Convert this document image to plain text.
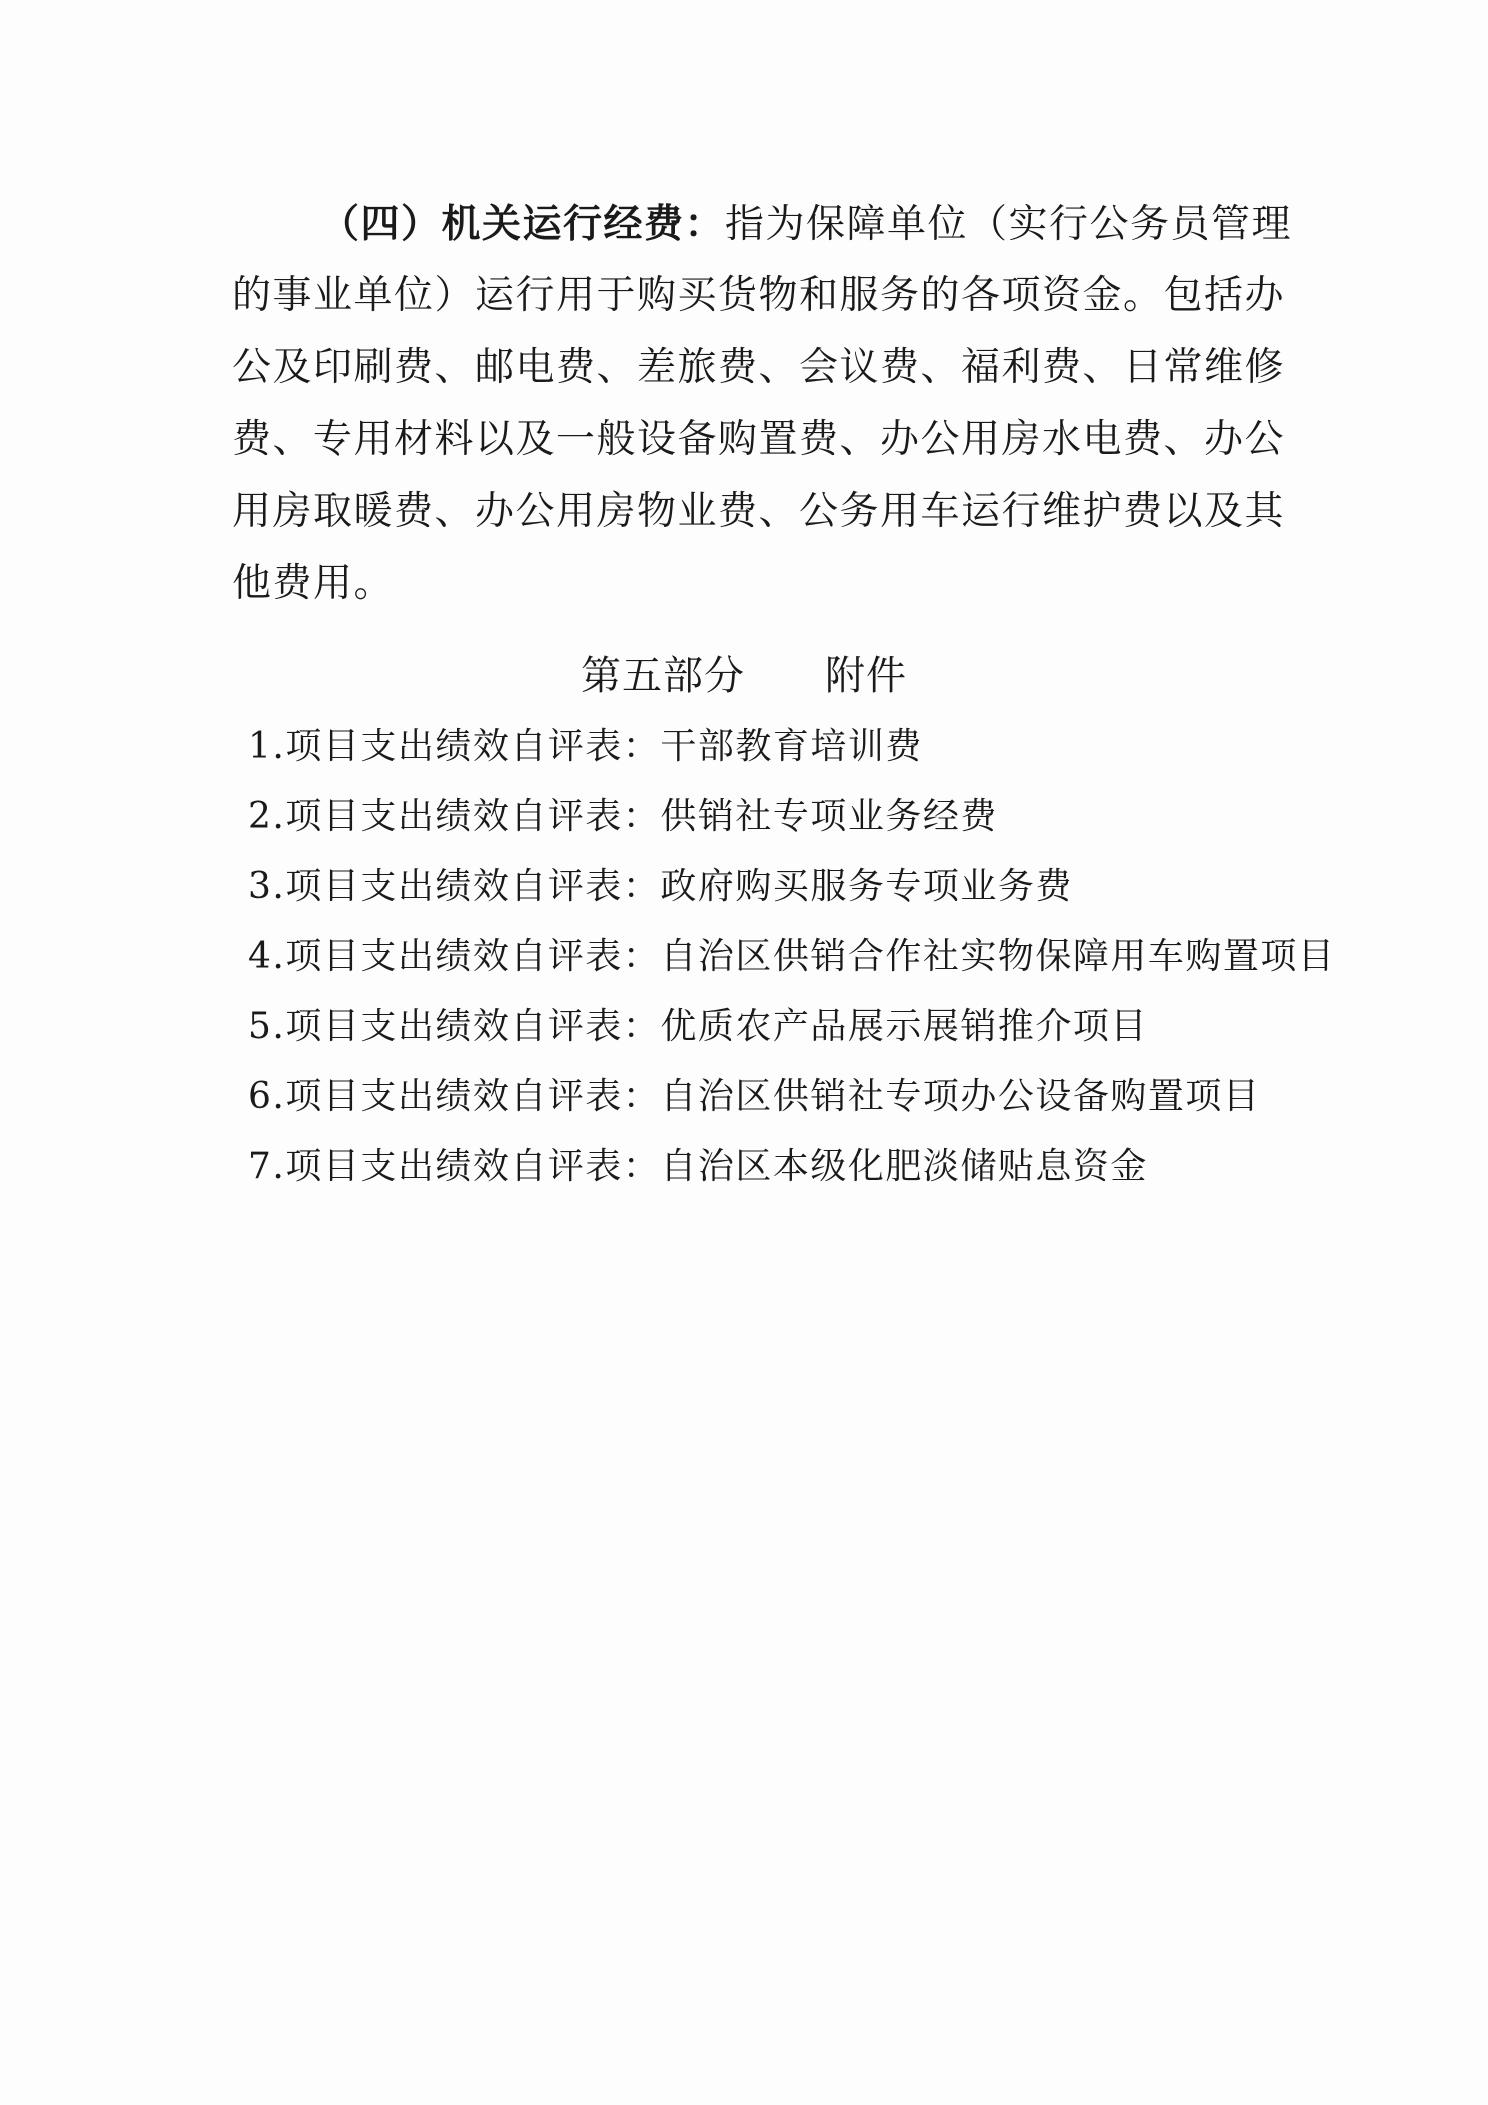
（四）机关运行经费：指为保障单位（实行公务员管理
的事业单位）运行用于购买货物和服务的各项资金。包括办
公及印刷费、邮电费、差旅费、会议费、福利费、日常维修
费、专用材料以及一般设备购置费、办公用房水电费、办公
用房取暖费、办公用房物业费、公务用车运行维护费以及其
他费用。
第五部分 附件
1.项目支出绩效自评表：干部教育培训费
2.项目支出绩效自评表：供销社专项业务经费
3.项目支出绩效自评表：政府购买服务专项业务费
4.项目支出绩效自评表：自治区供销合作社实物保障用车购置项目
5.项目支出绩效自评表：优质农产品展示展销推介项目
6.项目支出绩效自评表：自治区供销社专项办公设备购置项目
7.项目支出绩效自评表：自治区本级化肥淡储贴息资金
